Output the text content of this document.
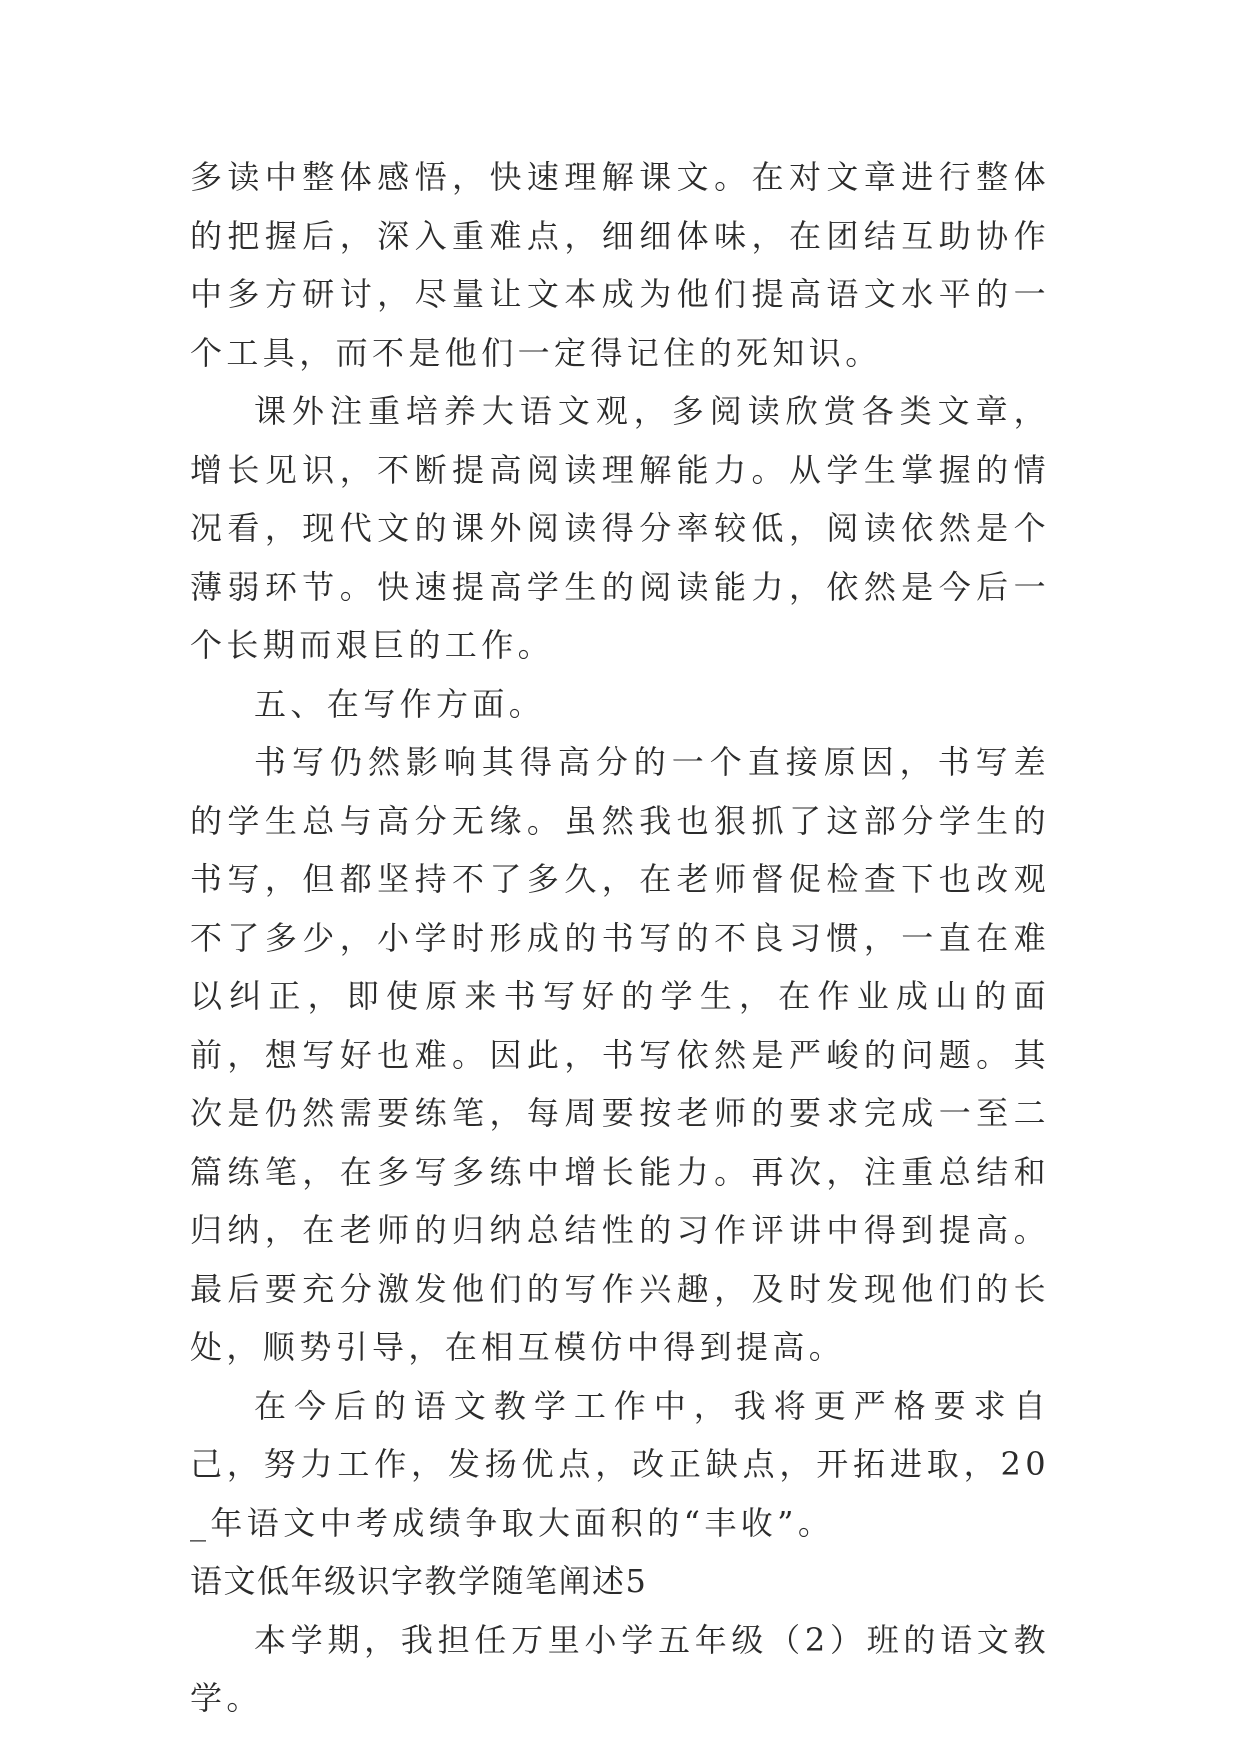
多读中整体感悟，快速理解课文。在对文章进行整体的把握后，深入重难点，细细体味，在团结互助协作中多方研讨，尽量让文本成为他们提高语文水平的一个工具，而不是他们一定得记住的死知识。

课外注重培养大语文观，多阅读欣赏各类文章，增长见识，不断提高阅读理解能力。从学生掌握的情况看，现代文的课外阅读得分率较低，阅读依然是个薄弱环节。快速提高学生的阅读能力，依然是今后一个长期而艰巨的工作。

五、在写作方面。

书写仍然影响其得高分的一个直接原因，书写差的学生总与高分无缘。虽然我也狠抓了这部分学生的书写，但都坚持不了多久，在老师督促检查下也改观不了多少，小学时形成的书写的不良习惯，一直在难以纠正，即使原来书写好的学生，在作业成山的面前，想写好也难。因此，书写依然是严峻的问题。其次是仍然需要练笔，每周要按老师的要求完成一至二篇练笔，在多写多练中增长能力。再次，注重总结和归纳，在老师的归纳总结性的习作评讲中得到提高。最后要充分激发他们的写作兴趣，及时发现他们的长处，顺势引导，在相互模仿中得到提高。

在今后的语文教学工作中，我将更严格要求自己，努力工作，发扬优点，改正缺点，开拓进取，20_年语文中考成绩争取大面积的“丰收”。

语文低年级识字教学随笔阐述5

本学期，我担任万里小学五年级（2）班的语文教学。
